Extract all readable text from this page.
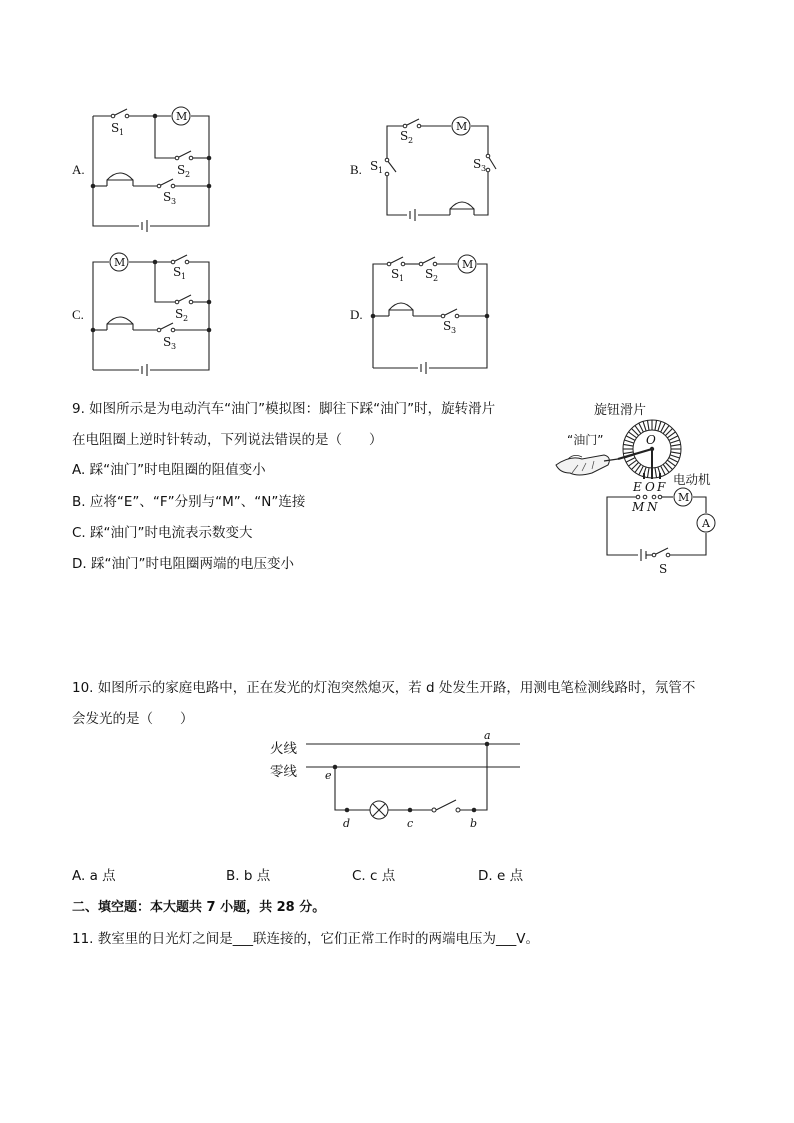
A.
M
S 1
S 2
S 3
B.
M
S 2
S 1	S 3
C.
M
S 1
S 2
S 3
D.
M
S 1 S 2
S 3
9. 如图所示是为电动汽车“油门”模拟图：脚往下踩“油门”时，旋转滑片
在电阻圈上逆时针转动，下列说法错误的是（　　）
A. 踩“油门”时电阻圈的阻值变小
B. 应将“E”、“F”分别与“M”、“N”连接
C. 踩“油门”时电流表示数变大
D. 踩“油门”时电阻圈两端的电压变小
旋钮滑片
“油门”
电动机
O
E O F
M N
A
M
S
10. 如图所示的家庭电路中，正在发光的灯泡突然熄灭，若 d 处发生开路，用测电笔检测线路时，氖管不
会发光的是（　　）
火线
零线
a
e
d	c	b
A. a 点	B. b 点	C. c 点	D. e 点
二、填空题：本大题共 7 小题，共 28 分。
11. 教室里的日光灯之间是___联连接的，它们正常工作时的两端电压为___V。
